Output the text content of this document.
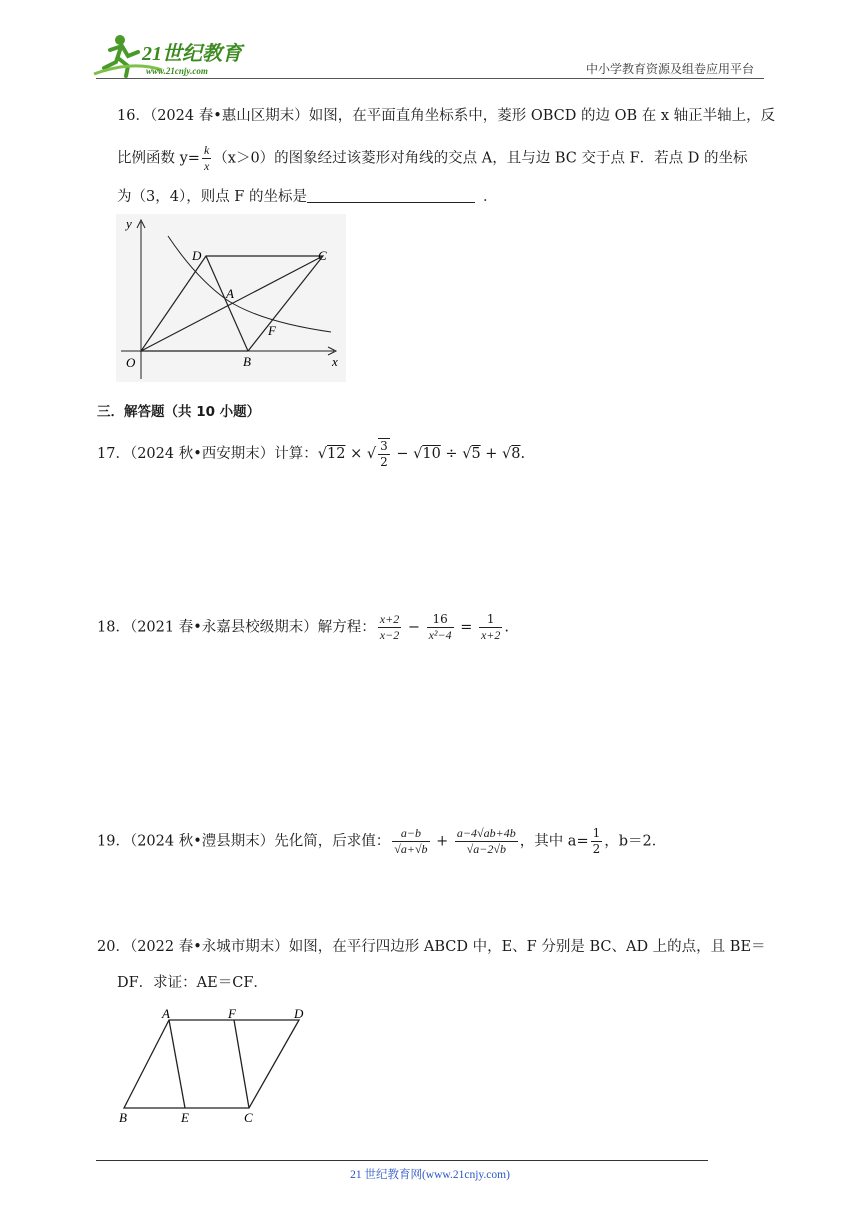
21世纪教育
www.21cnjy.com	中小学教育资源及组卷应用平台
16．（2024 春•惠山区期末）如图，在平面直角坐标系中，菱形 OBCD 的边 OB 在 x 轴正半轴上，反
比例函数 $y= \frac{k}{x} (x>0)$的图象经过该菱形对角线的交点 A，且与边 BC 交于点 F．若点 D 的坐标
为（3，4），则点 F 的坐标是	．
y
x
O	B
C
D
A
F
三．解答题（共 10 小题）
17．（2024 秋•西安期末）计算：√12 × √ $\frac{3}{2} - √10 \div √5 + √8$.
18．（2021 春•永嘉县校级期末）解方程： $\frac{x+2}{x-2} - \frac{16}{\text{x²−4}} = \frac{1}{x+2}$ .
19．（2024 秋•澧县期末）先化简，后求值： $\frac{a-b}{√a+√b} + \frac{a-4√ab+4b}{√a-2√b}$ ，其中 $a= \frac{1}{2}$ ，b＝2．
20．（2022 春•永城市期末）如图，在平行四边形 ABCD 中，E、F 分别是 BC、AD 上的点，且 BE＝
DF．求证：AE＝CF．
A	F	D
B	E	C
21 世纪教育网(www.21cnjy.com)
